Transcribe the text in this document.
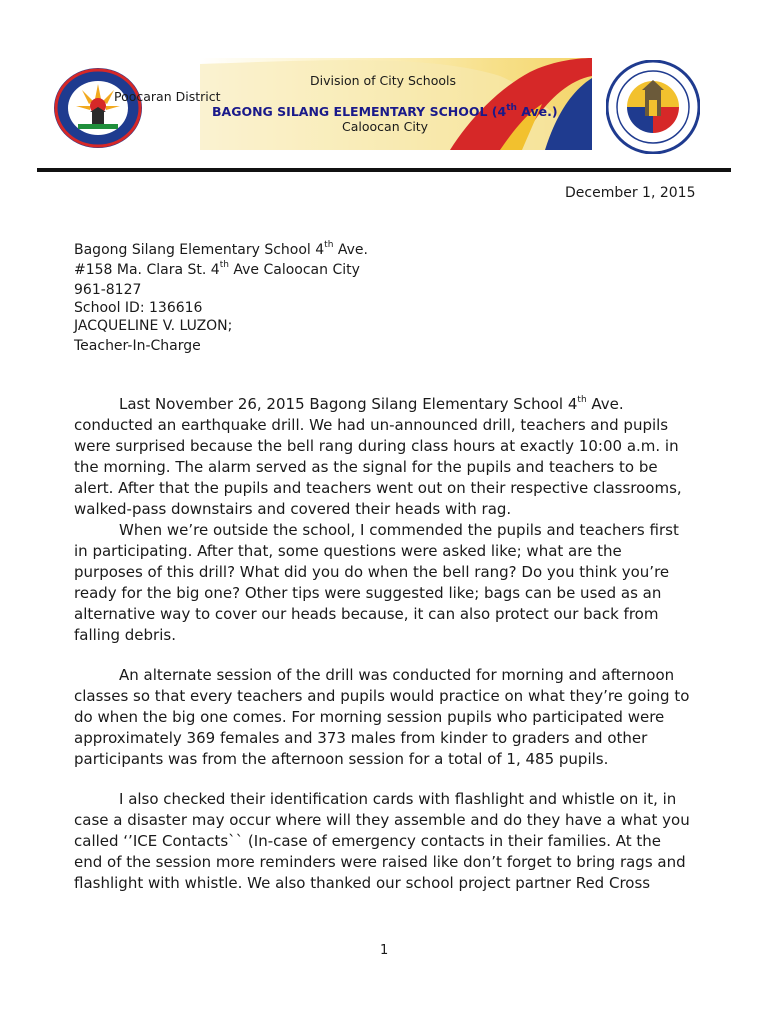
Division of City Schools
Poocaran District
BAGONG SILANG ELEMENTARY SCHOOL (4th Ave.)
Caloocan City
December 1, 2015
Bagong Silang Elementary School 4th Ave.
#158 Ma. Clara St. 4th Ave Caloocan City
961-8127
School ID: 136616
JACQUELINE V. LUZON;
Teacher-In-Charge
Last November 26, 2015 Bagong Silang Elementary School 4th Ave.
conducted an earthquake drill. We had un-announced drill, teachers and pupils
were surprised because the bell rang during class hours at exactly 10:00 a.m. in
the morning. The alarm served as the signal for the pupils and teachers to be
alert. After that the pupils and teachers went out on their respective classrooms,
walked-pass downstairs and covered their heads with rag.
When we’re outside the school, I commended the pupils and teachers first
in participating. After that, some questions were asked like; what are the
purposes of this drill? What did you do when the bell rang? Do you think you’re
ready for the big one? Other tips were suggested like; bags can be used as an
alternative way to cover our heads because, it can also protect our back from
falling debris.
An alternate session of the drill was conducted for morning and afternoon
classes so that every teachers and pupils would practice on what they’re going to
do when the big one comes. For morning session pupils who participated were
approximately 369 females and 373 males from kinder to graders and other
participants was from the afternoon session for a total of 1, 485 pupils.
I also checked their identification cards with flashlight and whistle on it, in
case a disaster may occur where will they assemble and do they have a what you
called ‘’ICE Contacts`` (In-case of emergency contacts in their families. At the
end of the session more reminders were raised like don’t forget to bring rags and
flashlight with whistle. We also thanked our school project partner Red Cross
1
